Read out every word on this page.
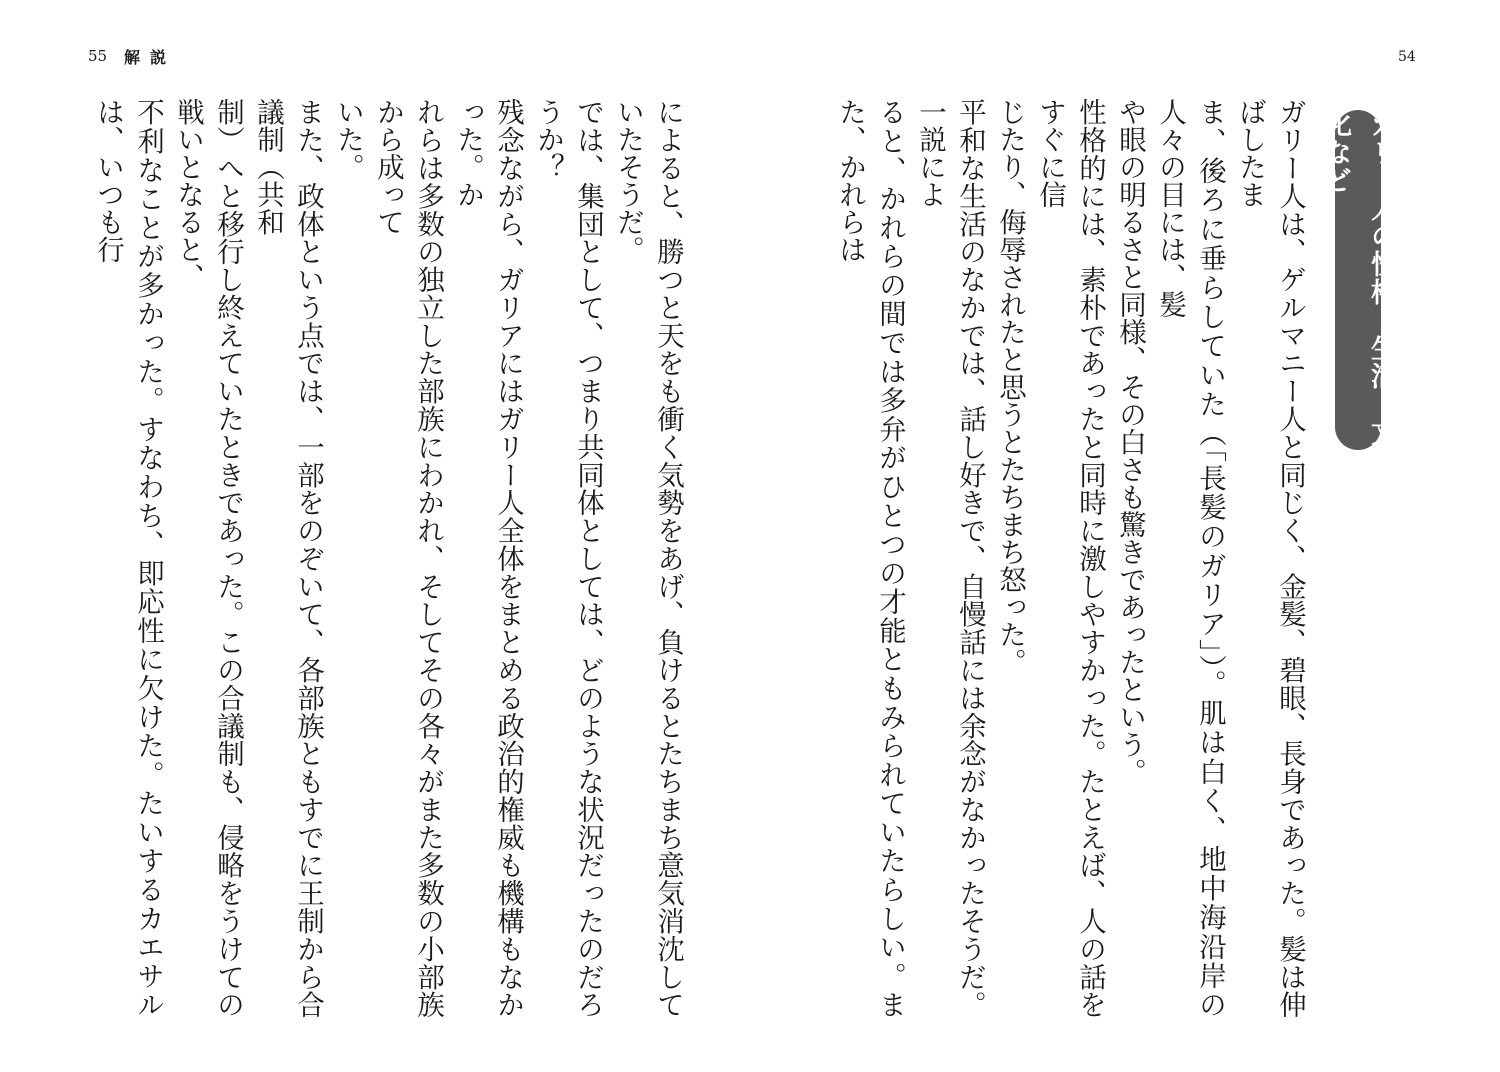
55 解説	54
ガリー人の性格、生活、文化など

ガリー人は、ゲルマニー人と同じく、金髪、碧眼、長身であった。髪は伸ばしたま

ま、後ろに垂らしていた（「長髪のガリア」）。肌は白く、地中海沿岸の人々の目には、髪

や眼の明るさと同様、その白さも驚きであったという。

性格的には、素朴であったと同時に激しやすかった。たとえば、人の話をすぐに信

じたり、侮辱されたと思うとたちまち怒った。

平和な生活のなかでは、話し好きで、自慢話には余念がなかったそうだ。一説によ

ると、かれらの間では多弁がひとつの才能ともみられていたらしい。また、かれらは

によると、勝つと天をも衝く気勢をあげ、負けるとたちまち意気消沈していたそうだ。

では、集団として、つまり共同体としては、どのような状況だったのだろうか？

残念ながら、ガリアにはガリー人全体をまとめる政治的権威も機構もなかった。か

れらは多数の独立した部族にわかれ、そしてその各々がまた多数の小部族から成って

いた。

また、政体という点では、一部をのぞいて、各部族ともすでに王制から合議制（共和

制）へと移行し終えていたときであった。この合議制も、侵略をうけての戦いとなると、

不利なことが多かった。すなわち、即応性に欠けた。たいするカエサルは、いつも行
